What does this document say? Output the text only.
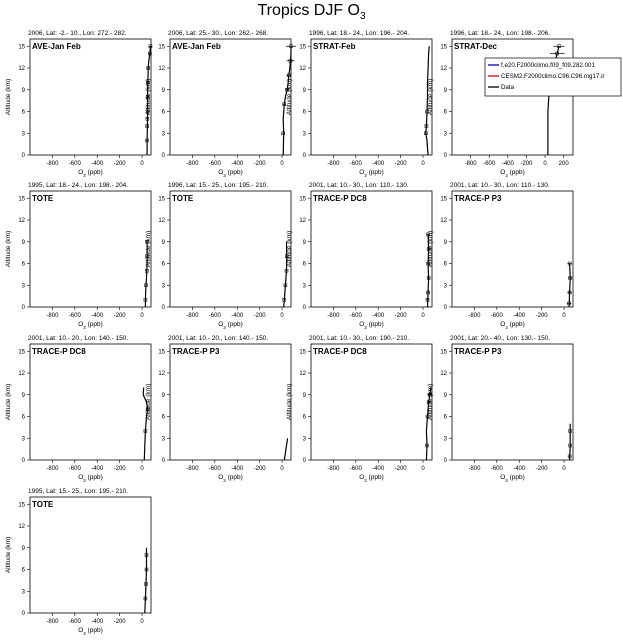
Tropics DJF $O_3$
2006, Lat: -2.- 10., Lon: 272.- 282.
AVE-Jan Feb
0
3
6
9
12
15
-800 -600 -400 -200 0
$O_3$ (ppb)
Altitude (km)
2006, Lat: 25.- 30., Lon: 262.- 268.
AVE-Jan Feb
0
3
6
9
12
15
-800 -600 -400 -200 0
$O_3$ (ppb)
Altitude (km)
1996, Lat: 18.- 24., Lon: 196.- 204.
STRAT-Feb
0
3
6
9
12
15
-800 -600 -400 -200 0
$O_3$ (ppb)
Altitude (km)
1996, Lat: 18.- 24., Lon: 198.- 206.
STRAT-Dec
0
3
6
9
12
15
-800 -600 -400 -200 0 200
$O_3$ (ppb)
Altitude (km)
f.e20.F2000climo.f09_f09.282.001
CESM2.F2000climo.C96.C96.mg17.ir
Data
1995, Lat: 18.- 24., Lon: 198.- 204.
TOTE
0
3
6
9
12
15
-800 -600 -400 -200 0
$O_3$ (ppb)
Altitude (km)
1996, Lat: 15.- 25., Lon: 195.- 210.
TOTE
0
3
6
9
12
15
-800 -600 -400 -200 0
$O_3$ (ppb)
Altitude (km)
2001, Lat: 10.- 30., Lon: 110.- 130.
TRACE-P DC8
0
3
6
9
12
15
-800 -600 -400 -200 0
$O_3$ (ppb)
Altitude (km)
2001, Lat: 10.- 30., Lon: 110.- 130.
TRACE-P P3
0
3
6
9
12
15
-800 -600 -400 -200 0
$O_3$ (ppb)
Altitude (km)
2001, Lat: 10.- 20., Lon: 140.- 150.
TRACE-P DC8
0
3
6
9
12
15
-800 -600 -400 -200 0
$O_3$ (ppb)
Altitude (km)
2001, Lat: 10.- 20., Lon: 140.- 150.
TRACE-P P3
0
3
6
9
12
15
-800 -600 -400 -200 0
$O_3$ (ppb)
Altitude (km)
2001, Lat: 10.- 30., Lon: 190.- 210.
TRACE-P DC8
0
3
6
9
12
15
-800 -600 -400 -200 0
$O_3$ (ppb)
Altitude (km)
2001, Lat: 20.- 40., Lon: 130.- 150.
TRACE-P P3
0
3
6
9
12
15
-800 -600 -400 -200 0
$O_3$ (ppb)
Altitude (km)
1995, Lat: 15.- 25., Lon: 195.- 210.
TOTE
0
3
6
9
12
15
-800 -600 -400 -200 0
$O_3$ (ppb)
Altitude (km)
